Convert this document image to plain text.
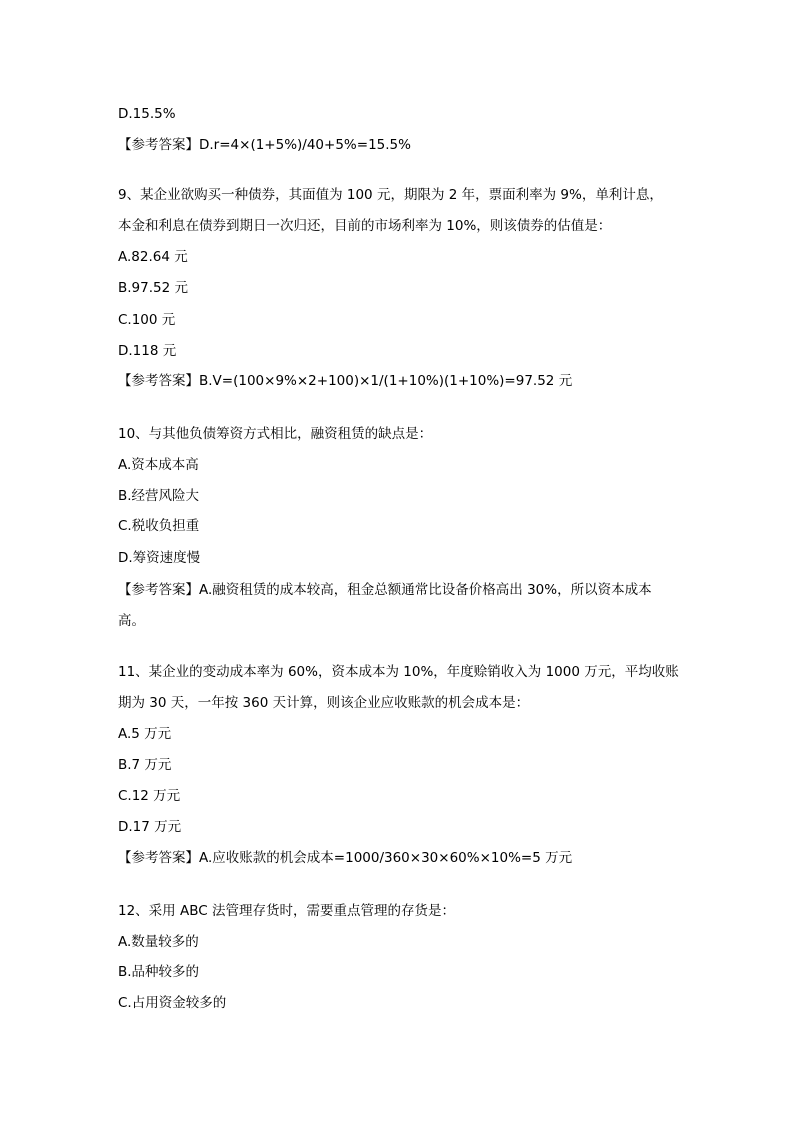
D.15.5%
【参考答案】D.r=4×(1+5%)/40+5%=15.5%
9、某企业欲购买一种债券，其面值为 100 元，期限为 2 年，票面利率为 9%，单利计息，
本金和利息在债券到期日一次归还，目前的市场利率为 10%，则该债券的估值是：
A.82.64 元
B.97.52 元
C.100 元
D.118 元
【参考答案】B.V=(100×9%×2+100)×1/(1+10%)(1+10%)=97.52 元
10、与其他负债筹资方式相比，融资租赁的缺点是：
A.资本成本高
B.经营风险大
C.税收负担重
D.筹资速度慢
【参考答案】A.融资租赁的成本较高，租金总额通常比设备价格高出 30%，所以资本成本
高。
11、某企业的变动成本率为 60%，资本成本为 10%，年度赊销收入为 1000 万元，平均收账
期为 30 天，一年按 360 天计算，则该企业应收账款的机会成本是：
A.5 万元
B.7 万元
C.12 万元
D.17 万元
【参考答案】A.应收账款的机会成本=1000/360×30×60%×10%=5 万元
12、采用 ABC 法管理存货时，需要重点管理的存货是：
A.数量较多的
B.品种较多的
C.占用资金较多的
